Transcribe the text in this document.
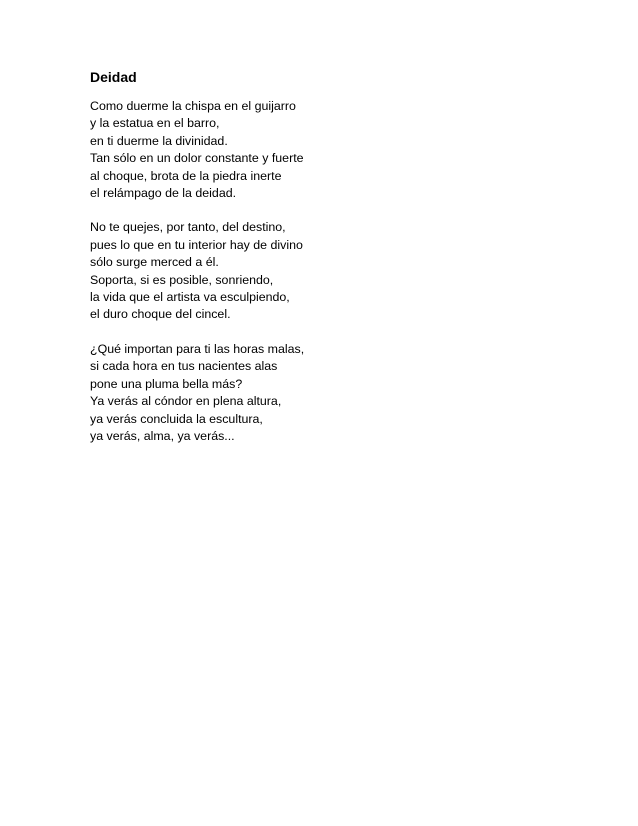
Deidad
Como duerme la chispa en el guijarro
y la estatua en el barro,
en ti duerme la divinidad.
Tan sólo en un dolor constante y fuerte
al choque, brota de la piedra inerte
el relámpago de la deidad.
No te quejes, por tanto, del destino,
pues lo que en tu interior hay de divino
sólo surge merced a él.
Soporta, si es posible, sonriendo,
la vida que el artista va esculpiendo,
el duro choque del cincel.
¿Qué importan para ti las horas malas,
si cada hora en tus nacientes alas
pone una pluma bella más?
Ya verás al cóndor en plena altura,
ya verás concluida la escultura,
ya verás, alma, ya verás...
